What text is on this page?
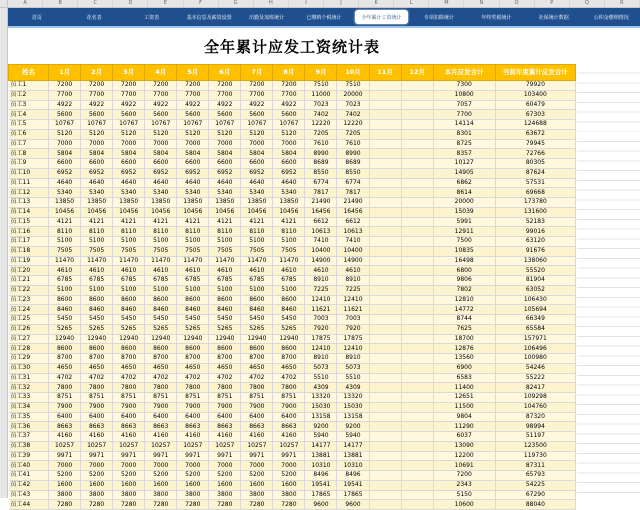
A	B	C	D	E	F	G	H	I	J	K	L	M	N	O	P	Q	R
首页	花名表	工资表	基本信息及薪资设置	出勤及加班统计	已缴纳个税统计	全年累计工资统计	专项扣除统计	年终奖税统计	社保统计数据	公积金缴纳情况
全年累计应发工资统计表
姓名	1月	2月	3月	4月	5月	6月	7月	8月	9月	10月	11月	12月	本月应发合计	当前年度累计应发合计
员工1	7200	7200	7200	7200	7200	7200	7200	7200	7510	7510			7300	79920
员工2	7700	7700	7700	7700	7700	7700	7700	7700	11000	20000			10800	103400
员工3	4922	4922	4922	4922	4922	4922	4922	4922	7023	7023			7057	60479
员工4	5600	5600	5600	5600	5600	5600	5600	5600	7402	7402			7700	67303
员工5	10767	10767	10767	10767	10767	10767	10767	10767	12220	12220			14114	124688
员工6	5120	5120	5120	5120	5120	5120	5120	5120	7205	7205			8301	63672
员工7	7000	7000	7000	7000	7000	7000	7000	7000	7610	7610			8725	79945
员工8	5804	5804	5804	5804	5804	5804	5804	5804	8990	8990			8357	72766
员工9	6600	6600	6600	6600	6600	6600	6600	6600	8689	8689			10127	80305
员工10	6952	6952	6952	6952	6952	6952	6952	6952	8550	8550			14905	87624
员工11	4640	4640	4640	4640	4640	4640	4640	4640	6774	6774			6862	57531
员工12	5340	5340	5340	5340	5340	5340	5340	5340	7817	7817			8614	69668
员工13	13850	13850	13850	13850	13850	13850	13850	13850	21490	21490			20000	173780
员工14	10456	10456	10456	10456	10456	10456	10456	10456	16456	16456			15039	131600
员工15	4121	4121	4121	4121	4121	4121	4121	4121	6612	6612			5991	52183
员工16	8110	8110	8110	8110	8110	8110	8110	8110	10613	10613			12911	99016
员工17	5100	5100	5100	5100	5100	5100	5100	5100	7410	7410			7500	63120
员工18	7505	7505	7505	7505	7505	7505	7505	7505	10400	10400			10835	91676
员工19	11470	11470	11470	11470	11470	11470	11470	11470	14900	14900			16498	138060
员工20	4610	4610	4610	4610	4610	4610	4610	4610	4610	4610			6800	55520
员工21	6785	6785	6785	6785	6785	6785	6785	6785	8910	8910			9806	81904
员工22	5100	5100	5100	5100	5100	5100	5100	5100	7225	7225			7802	63052
员工23	8600	8600	8600	8600	8600	8600	8600	8600	12410	12410			12810	106430
员工24	8460	8460	8460	8460	8460	8460	8460	8460	11621	11621			14772	105694
员工25	5450	5450	5450	5450	5450	5450	5450	5450	7003	7003			8744	66349
员工26	5265	5265	5265	5265	5265	5265	5265	5265	7920	7920			7625	65584
员工27	12940	12940	12940	12940	12940	12940	12940	12940	17875	17875			18700	157971
员工28	8600	8600	8600	8600	8600	8600	8600	8600	12410	12410			12876	106496
员工29	8700	8700	8700	8700	8700	8700	8700	8700	8910	8910			13560	100980
员工30	4650	4650	4650	4650	4650	4650	4650	4650	5073	5073			6900	54246
员工31	4702	4702	4702	4702	4702	4702	4702	4702	5510	5510			6583	55222
员工32	7800	7800	7800	7800	7800	7800	7800	7800	4309	4309			11400	82417
员工33	8751	8751	8751	8751	8751	8751	8751	8751	13320	13320			12651	109298
员工34	7900	7900	7900	7900	7900	7900	7900	7900	15030	15030			11500	104760
员工35	6400	6400	6400	6400	6400	6400	6400	6400	13158	13158			9804	87320
员工36	8663	8663	8663	8663	8663	8663	8663	8663	9200	9200			11290	98994
员工37	4160	4160	4160	4160	4160	4160	4160	4160	5940	5940			6037	51197
员工38	10257	10257	10257	10257	10257	10257	10257	10257	14177	14177			13090	123500
员工39	9971	9971	9971	9971	9971	9971	9971	9971	13881	13881			12200	119730
员工40	7000	7000	7000	7000	7000	7000	7000	7000	10310	10310			10691	87311
员工41	5200	5200	5200	5200	5200	5200	5200	5200	8496	8496			7200	65793
员工42	1600	1600	1600	1600	1600	1600	1600	1600	19541	19541			2343	54225
员工43	3800	3800	3800	3800	3800	3800	3800	3800	17865	17865			5150	67290
员工44	7280	7280	7280	7280	7280	7280	7280	7280	9600	9600			10600	88040
